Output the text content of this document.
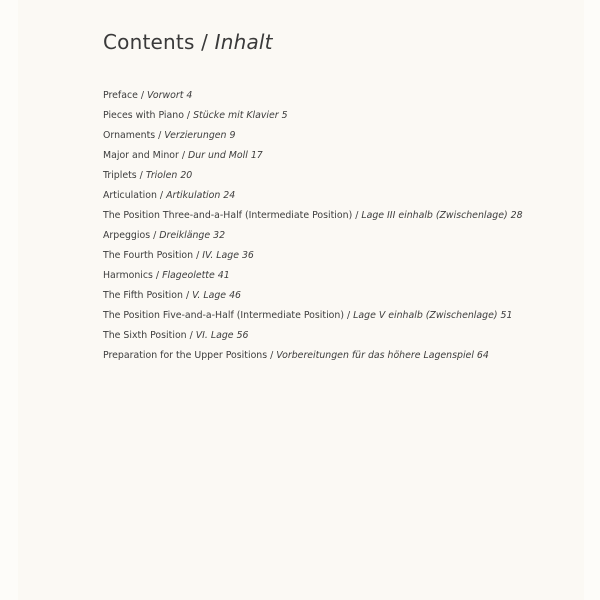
Contents / Inhalt
Preface / Vorwort 4
Pieces with Piano / Stücke mit Klavier 5
Ornaments / Verzierungen 9
Major and Minor / Dur und Moll 17
Triplets / Triolen 20
Articulation / Artikulation 24
The Position Three-and-a-Half (Intermediate Position) / Lage III einhalb (Zwischenlage) 28
Arpeggios / Dreiklänge 32
The Fourth Position / IV. Lage 36
Harmonics / Flageolette 41
The Fifth Position / V. Lage 46
The Position Five-and-a-Half (Intermediate Position) / Lage V einhalb (Zwischenlage) 51
The Sixth Position / VI. Lage 56
Preparation for the Upper Positions / Vorbereitungen für das höhere Lagenspiel 64
